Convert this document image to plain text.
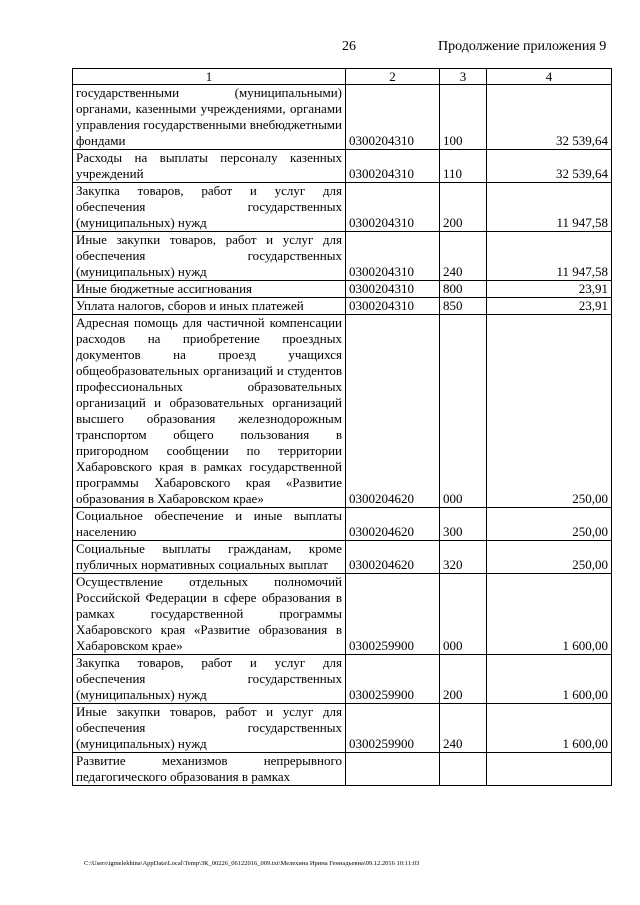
26	Продолжение приложения 9
1	2	3	4
государственными (муниципальными) органами, казенными учреждениями, органами управления государственными внебюджетными фондами	0300204310	100	32 539,64
Расходы на выплаты персоналу казенных учреждений	0300204310	110	32 539,64
Закупка товаров, работ и услуг для обеспечения государственных (муниципальных) нужд	0300204310	200	11 947,58
Иные закупки товаров, работ и услуг для обеспечения государственных (муниципальных) нужд	0300204310	240	11 947,58
Иные бюджетные ассигнования	0300204310	800	23,91
Уплата налогов, сборов и иных платежей	0300204310	850	23,91
Адресная помощь для частичной компенсации расходов на приобретение проездных документов на проезд учащихся общеобразовательных организаций и студентов профессиональных образовательных организаций и образовательных организаций высшего образования железнодорожным транспортом общего пользования в пригородном сообщении по территории Хабаровского края в рамках государственной программы Хабаровского края «Развитие образования в Хабаровском крае»	0300204620	000	250,00
Социальное обеспечение и иные выплаты населению	0300204620	300	250,00
Социальные выплаты гражданам, кроме публичных нормативных социальных выплат	0300204620	320	250,00
Осуществление отдельных полномочий Российской Федерации в сфере образования в рамках государственной программы Хабаровского края «Развитие образования в Хабаровском крае»	0300259900	000	1 600,00
Закупка товаров, работ и услуг для обеспечения государственных (муниципальных) нужд	0300259900	200	1 600,00
Иные закупки товаров, работ и услуг для обеспечения государственных (муниципальных) нужд	0300259900	240	1 600,00
Развитие механизмов непрерывного педагогического образования в рамках			
C:\Users\igmelekhina\AppData\Local\Temp\ЗК_00226_06122016_009.txt\Мелехина Ирина Геннадьевна\09.12.2016 10:11:03
